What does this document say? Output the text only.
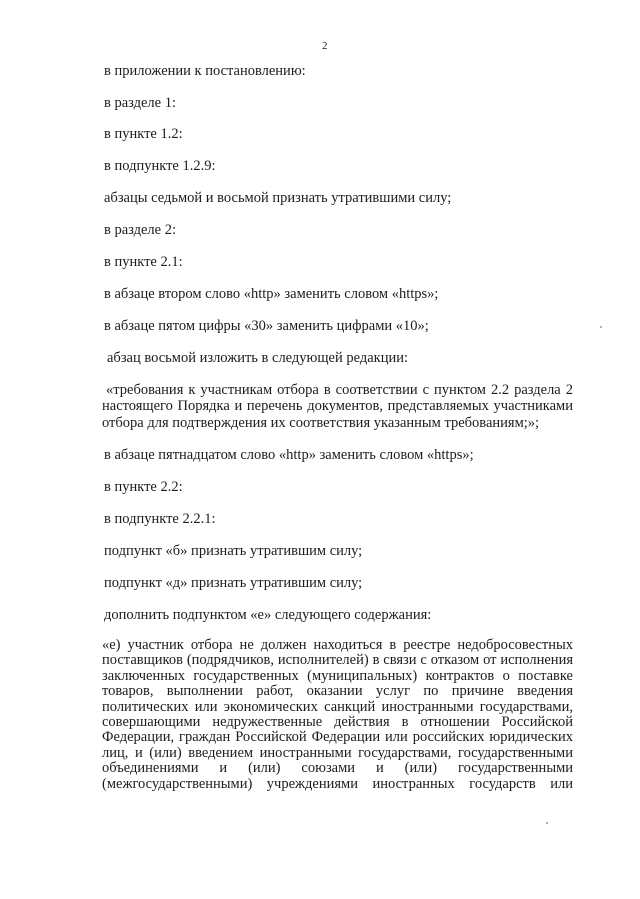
2
в приложении к постановлению:
в разделе 1:
в пункте 1.2:
в подпункте 1.2.9:
абзацы седьмой и восьмой признать утратившими силу;
в разделе 2:
в пункте 2.1:
в абзаце втором слово «http» заменить словом «https»;
в абзаце пятом цифры «30» заменить цифрами «10»;
абзац восьмой изложить в следующей редакции:
«требования к участникам отбора в соответствии с пунктом 2.2 раздела 2
настоящего Порядка и перечень документов, представляемых участниками
отбора для подтверждения их соответствия указанным требованиям;»;
в абзаце пятнадцатом слово «http» заменить словом «https»;
в пункте 2.2:
в подпункте 2.2.1:
подпункт «б» признать утратившим силу;
подпункт «д» признать утратившим силу;
дополнить подпунктом «е» следующего содержания:
«е) участник отбора не должен находиться в реестре недобросовестных
поставщиков (подрядчиков, исполнителей) в связи с отказом от исполнения
заключенных государственных (муниципальных) контрактов о поставке
товаров, выполнении работ, оказании услуг по причине введения
политических или экономических санкций иностранными государствами,
совершающими недружественные действия в отношении Российской
Федерации, граждан Российской Федерации или российских юридических
лиц, и (или) введением иностранными государствами, государственными
объединениями и (или) союзами и (или) государственными
(межгосударственными) учреждениями иностранных государств или
